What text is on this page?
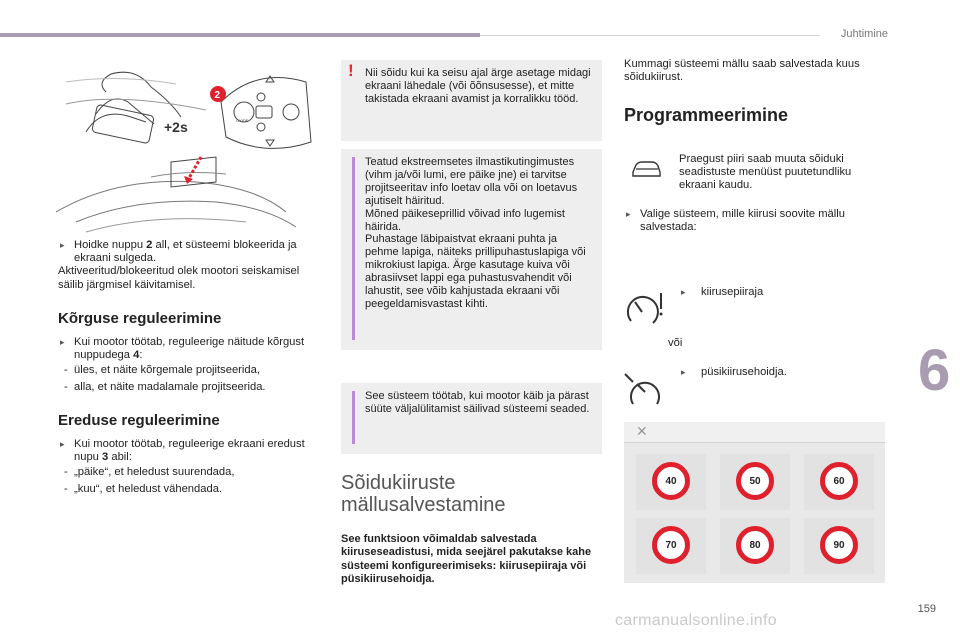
Juhtimine
6
159
carmanualsonline.info
2
+2s	OXIDE

▸ Hoidke nuppu 2 all, et süsteemi blokeerida ja ekraani sulgeda.

Aktiveeritud/blokeeritud olek mootori seiskamisel säilib järgmisel käivitamisel.

Kõrguse reguleerimine

▸ Kui mootor töötab, reguleerige näitude kõrgust nuppudega 4:

- üles, et näite kõrgemale projitseerida,

- alla, et näite madalamale projitseerida.

Ereduse reguleerimine

▸ Kui mootor töötab, reguleerige ekraani eredust nupu 3 abil:

- „päike“, et heledust suurendada,

- „kuu“, et heledust vähendada.

! Nii sõidu kui ka seisu ajal ärge asetage midagi ekraani lähedale (või õõnsusesse), et mitte takistada ekraani avamist ja korralikku tööd.

Teatud ekstreemsetes ilmastikutingimustes (vihm ja/või lumi, ere päike jne) ei tarvitse projitseeritav info loetav olla või on loetavus ajutiselt häiritud.

Mõned päikeseprillid võivad info lugemist häirida.

Puhastage läbipaistvat ekraani puhta ja pehme lapiga, näiteks prillipuhastuslapiga või mikrokiust lapiga. Ärge kasutage kuiva või abrasiivset lappi ega puhastusvahendit või lahustit, see võib kahjustada ekraani või peegeldamisvastast kihti.

See süsteem töötab, kui mootor käib ja pärast süüte väljalülitamist säilivad süsteemi seaded.

Sõidukiiruste
mällusalvestamine

See funktsioon võimaldab salvestada kiiruseseadistusi, mida seejärel pakutakse kahe süsteemi konfigureerimiseks: kiirusepiiraja või püsikiirusehoidja.

Kummagi süsteemi mällu saab salvestada kuus sõidukiirust.

Programmeerimine
Praegust piiri saab muuta sõiduki seadistuste menüüst puutetundliku ekraani kaudu.

▸ Valige süsteem, mille kiirusi soovite mällu salvestada:

▸ kiirusepiiraja

või

▸ püsikiirusehoidja.

✕
40	50	60
70	80	90
